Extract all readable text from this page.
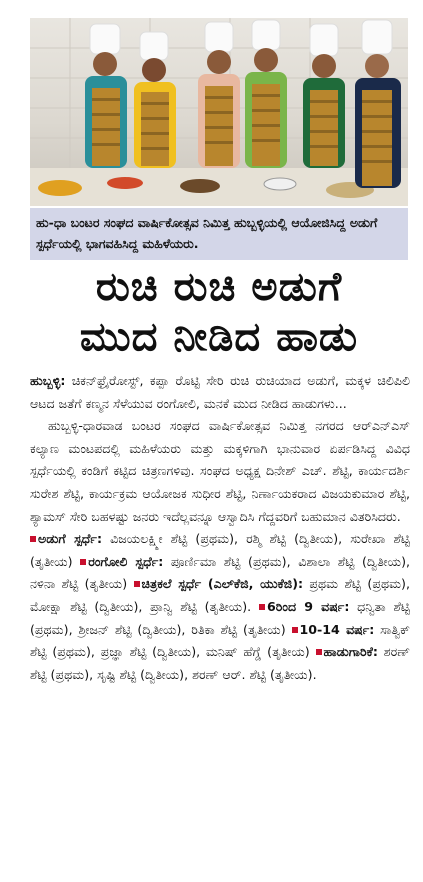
ಹು-ಧಾ ಬಂಟರ ಸಂಘದ ವಾರ್ಷಿಕೋತ್ಸವ ನಿಮಿತ್ತ ಹುಬ್ಬಳ್ಳಿಯಲ್ಲಿ ಆಯೋಜಿಸಿದ್ದ ಅಡುಗೆ ಸ್ಪರ್ಧೆಯಲ್ಲಿ ಭಾಗವಹಿಸಿದ್ದ ಮಹಿಳೆಯರು.
ರುಚಿ ರುಚಿ ಅಡುಗೆ
ಮುದ ನೀಡಿದ ಹಾಡು

ಹುಬ್ಬಳ್ಳಿ: ಚಿಕನ್‌ಫ್ರೈರೋಸ್ಟ್, ಕಪ್ಪಾ ರೊಟ್ಟಿ ಸೇರಿ ರುಚಿ ರುಚಿಯಾದ ಅಡುಗೆ, ಮಕ್ಕಳ ಚಿಲಿಪಿಲಿ ಆಟದ ಜತೆಗೆ ಕಣ್ಮನ ಸೆಳೆಯುವ ರಂಗೋಲಿ, ಮನಕೆ ಮುದ ನೀಡಿದ ಹಾಡುಗಳು...

ಹುಬ್ಬಳ್ಳಿ-ಧಾರವಾಡ ಬಂಟರ ಸಂಘದ ವಾರ್ಷಿಕೋತ್ಸವ ನಿಮಿತ್ತ ನಗರದ ಆರ್‌ಎನ್‌ಎಸ್ ಕಲ್ಯಾಣ ಮಂಟಪದಲ್ಲಿ ಮಹಿಳೆಯರು ಮತ್ತು ಮಕ್ಕಳಿಗಾಗಿ ಭಾನುವಾರ ಏರ್ಪಡಿಸಿದ್ದ ವಿವಿಧ ಸ್ಪರ್ಧೆಯಲ್ಲಿ ಕಂಡಿಗೆ ಕಟ್ಟಿದ ಚಿತ್ರಣಗಳಿವು. ಸಂಘದ ಅಧ್ಯಕ್ಷ ದಿನೇಶ್ ಎಚ್. ಶೆಟ್ಟಿ, ಕಾರ್ಯದರ್ಶಿ ಸುರೇಶ ಶೆಟ್ಟಿ, ಕಾರ್ಯಕ್ರಮ ಆಯೋಜಕ ಸುಧೀರ ಶೆಟ್ಟಿ, ನಿರ್ಣಾಯಕರಾದ ವಿಜಯಕುಮಾರ ಶೆಟ್ಟಿ, ಶ್ಯಾಮಸ್ ಸೇರಿ ಬಹಳಷ್ಟು ಜನರು ಇದೆಲ್ಲವನ್ನೂ ಆಸ್ವಾದಿಸಿ ಗೆದ್ದವರಿಗೆ ಬಹುಮಾನ ವಿತರಿಸಿದರು.

ಅಡುಗೆ ಸ್ಪರ್ಧೆ: ವಿಜಯಲಕ್ಷ್ಮೀ ಶೆಟ್ಟಿ (ಪ್ರಥಮ), ರಶ್ಮಿ ಶೆಟ್ಟಿ (ದ್ವಿತೀಯ), ಸುರೇಖಾ ಶೆಟ್ಟಿ (ತೃತೀಯ) ರಂಗೋಲಿ ಸ್ಪರ್ಧೆ: ಪೂರ್ಣಿಮಾ ಶೆಟ್ಟಿ (ಪ್ರಥಮ), ವಿಶಾಲಾ ಶೆಟ್ಟಿ (ದ್ವಿತೀಯ), ನಳಿನಾ ಶೆಟ್ಟಿ (ತೃತೀಯ) ಚಿತ್ರಕಲೆ ಸ್ಪರ್ಧೆ (ಎಲ್‌ಕೆಜಿ, ಯುಕೆಜಿ): ಪ್ರಥಮ ಶೆಟ್ಟಿ (ಪ್ರಥಮ), ಮೋಕ್ಷಾ ಶೆಟ್ಟಿ (ದ್ವಿತೀಯ), ಪ್ರಾನ್ವಿ ಶೆಟ್ಟಿ (ತೃತೀಯ). 6ರಿಂದ 9 ವರ್ಷ: ಧನ್ವಿತಾ ಶೆಟ್ಟಿ (ಪ್ರಥಮ), ಶ್ರೀಜನ್ ಶೆಟ್ಟಿ (ದ್ವಿತೀಯ), ರಿತಿಕಾ ಶೆಟ್ಟಿ (ತೃತೀಯ) 10-14 ವರ್ಷ: ಸಾತ್ವಿಕ್ ಶೆಟ್ಟಿ (ಪ್ರಥಮ), ಪ್ರಜ್ಞಾ ಶೆಟ್ಟಿ (ದ್ವಿತೀಯ), ಮನಿಷ್ ಹೆಗ್ಡೆ (ತೃತೀಯ) ಹಾಡುಗಾರಿಕೆ: ಶರಣ್ ಶೆಟ್ಟಿ (ಪ್ರಥಮ), ಸೃಷ್ಟಿ ಶೆಟ್ಟಿ (ದ್ವಿತೀಯ), ಶರಣ್ ಆರ್. ಶೆಟ್ಟಿ (ತೃತೀಯ).
